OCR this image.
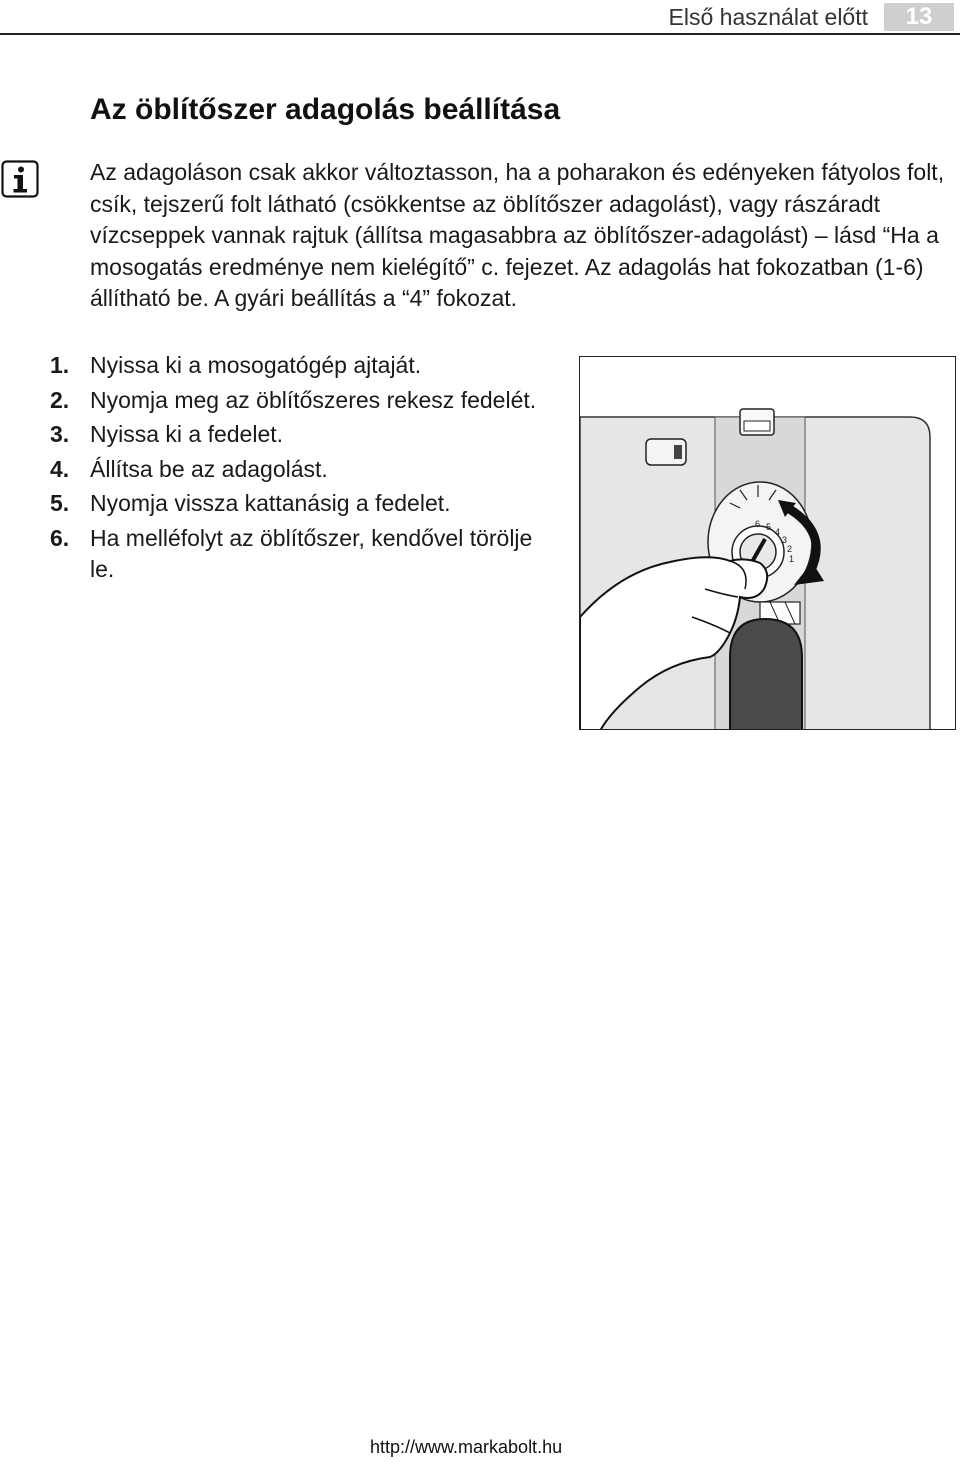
Első használat előtt	13
Az öblítőszer adagolás beállítása

Az adagoláson csak akkor változtasson, ha a poharakon és edényeken fátyolos folt, csík, tejszerű folt látható (csökkentse az öblítőszer adagolást), vagy rászáradt vízcseppek vannak rajtuk (állítsa magasabbra az öblítőszer-adagolást) – lásd “Ha a mosogatás eredménye nem kielégítő” c. fejezet. Az adagolás hat fokozatban (1-6) állítható be. A gyári beállítás a “4” fokozat.

1. Nyissa ki a mosogatógép ajtaját.
2. Nyomja meg az öblítőszeres rekesz fedelét.
3. Nyissa ki a fedelet.
4. Állítsa be az adagolást.
5. Nyomja vissza kattanásig a fedelet.
6. Ha melléfolyt az öblítőszer, kendővel törölje le.
6 5 4
3
2
1
http://www.markabolt.hu
